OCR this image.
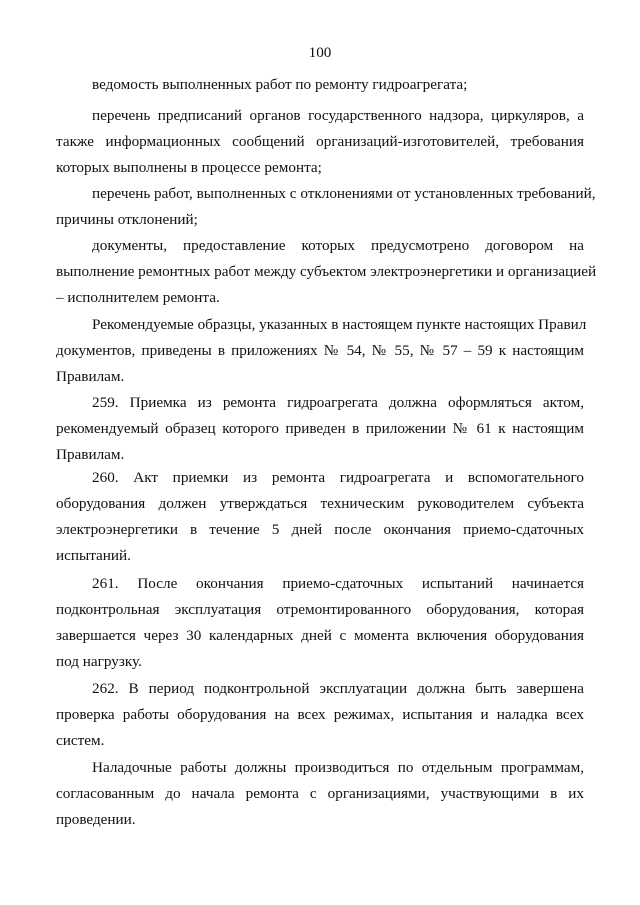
100
ведомость выполненных работ по ремонту гидроагрегата;
перечень предписаний органов государственного надзора, циркуляров, а
также информационных сообщений организаций-изготовителей, требования
которых выполнены в процессе ремонта;
перечень работ, выполненных с отклонениями от установленных требований,
причины отклонений;
документы, предоставление которых предусмотрено договором на
выполнение ремонтных работ между субъектом электроэнергетики и организацией
– исполнителем ремонта.
Рекомендуемые образцы, указанных в настоящем пункте настоящих Правил
документов, приведены в приложениях № 54, № 55, № 57 – 59 к настоящим
Правилам.
259. Приемка из ремонта гидроагрегата должна оформляться актом,
рекомендуемый образец которого приведен в приложении № 61 к настоящим
Правилам.
260. Акт приемки из ремонта гидроагрегата и вспомогательного
оборудования должен утверждаться техническим руководителем субъекта
электроэнергетики в течение 5 дней после окончания приемо-сдаточных
испытаний.
261. После окончания приемо-сдаточных испытаний начинается
подконтрольная эксплуатация отремонтированного оборудования, которая
завершается через 30 календарных дней с момента включения оборудования
под нагрузку.
262. В период подконтрольной эксплуатации должна быть завершена
проверка работы оборудования на всех режимах, испытания и наладка всех
систем.
Наладочные работы должны производиться по отдельным программам,
согласованным до начала ремонта с организациями, участвующими в их
проведении.
